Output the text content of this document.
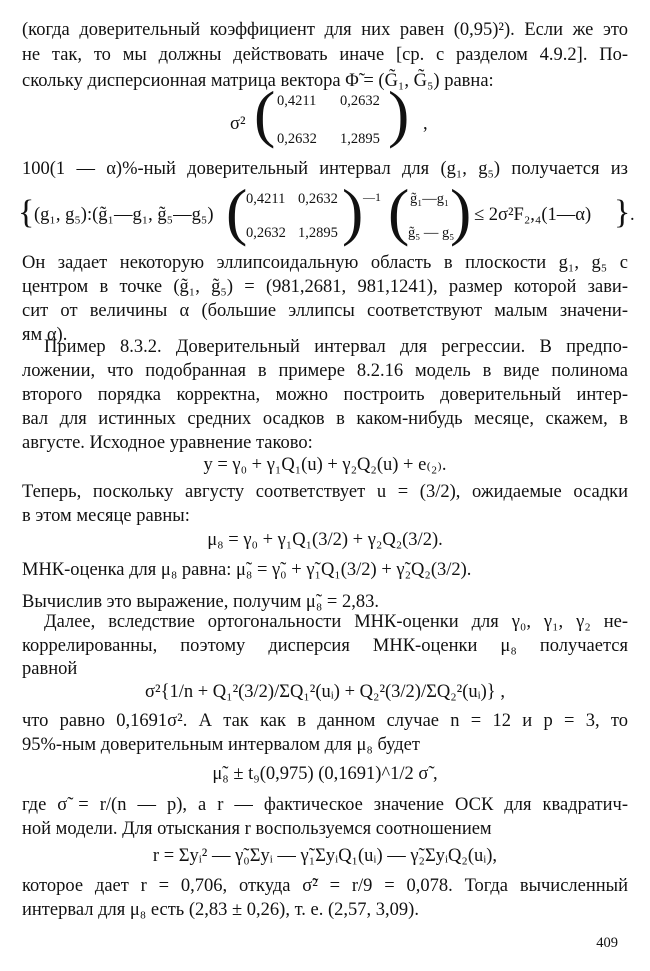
(когда доверительный коэффициент для них равен (0,95)²). Если же это
не так, то мы должны действовать иначе [ср. с разделом 4.9.2]. По-
скольку дисперсионная матрица вектора Φ̃ = (G̃₁, G̃₅) равна:
σ² ( 0,4211 0,2632
0,2632 1,2895 ) ,
100(1 — α)%-ный доверительный интервал для (g₁, g₅) получается из
{ (g₁, g₅):(g̃₁—g₁, g̃₅—g₅) (
0,4211 0,2632
0,2632 1,2895 ) —1 ( g̃₁—g₁
g̃₅ — g₅
) ≤ 2σ²F₂,₄(1—α) } .
Он задает некоторую эллипсоидальную область в плоскости g₁, g₅ с
центром в точке (g̃₁, g̃₅) = (981,2681, 981,1241), размер которой зави-
сит от величины α (большие эллипсы соответствуют малым значени-
ям α).
Пример 8.3.2. Доверительный интервал для регрессии. В предпо-
ложении, что подобранная в примере 8.2.16 модель в виде полинома
второго порядка корректна, можно построить доверительный интер-
вал для истинных средних осадков в каком-нибудь месяце, скажем, в
августе. Исходное уравнение таково:
y = γ₀ + γ₁Q₁(u) + γ₂Q₂(u) + e₍₂₎.
Теперь, поскольку августу соответствует u = (3/2), ожидаемые осадки
в этом месяце равны:
μ₈ = γ₀ + γ₁Q₁(3/2) + γ₂Q₂(3/2).
МНК-оценка для μ₈ равна: μ̃₈ = γ̃₀ + γ̃₁Q₁(3/2) + γ̃₂Q₂(3/2).
Вычислив это выражение, получим μ̃₈ = 2,83.
Далее, вследствие ортогональности МНК-оценки для γ₀, γ₁, γ₂ не-
коррелированны, поэтому дисперсия МНК-оценки μ₈ получается
равной
σ²{1/n + Q₁²(3/2)/ΣQ₁²(uᵢ) + Q₂²(3/2)/ΣQ₂²(uᵢ)} ,
что равно 0,1691σ². А так как в данном случае n = 12 и p = 3, то
95%-ным доверительным интервалом для μ₈ будет
μ̃₈ ± t₉(0,975) (0,1691)^1/2 σ̃ ,
где σ̃ = r/(n — p), а r — фактическое значение ОСК для квадратич-
ной модели. Для отыскания r воспользуемся соотношением
r = Σyᵢ² — γ̃₀Σyᵢ — γ̃₁ΣyᵢQ₁(uᵢ) — γ̃₂ΣyᵢQ₂(uᵢ),
которое дает r = 0,706, откуда σ̃² = r/9 = 0,078. Тогда вычисленный
интервал для μ₈ есть (2,83 ± 0,26), т. е. (2,57, 3,09).
409
